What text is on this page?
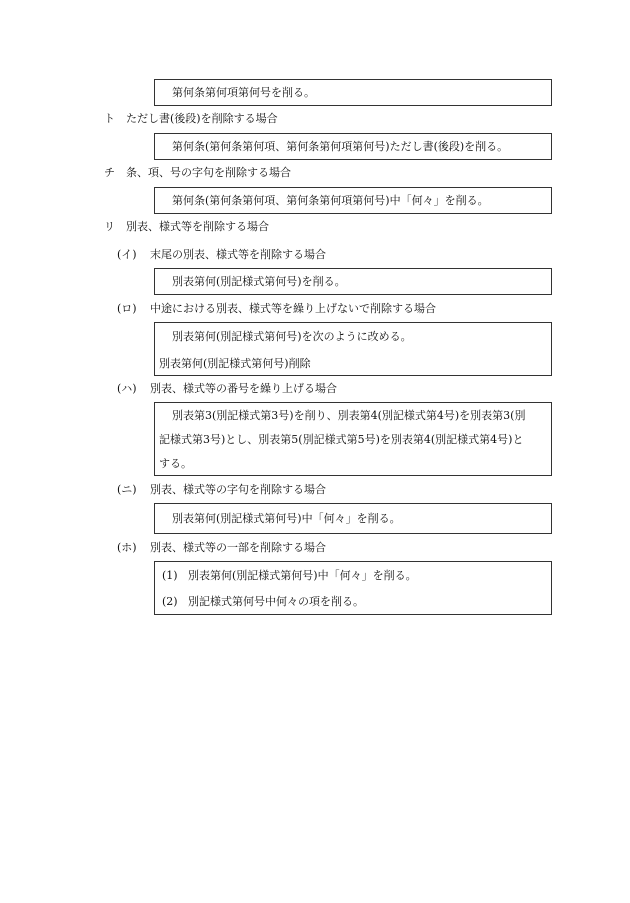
第何条第何項第何号を削る。
ト ただし書(後段)を削除する場合
第何条(第何条第何項、第何条第何項第何号)ただし書(後段)を削る。
チ 条、項、号の字句を削除する場合
第何条(第何条第何項、第何条第何項第何号)中「何々」を削る。
リ 別表、様式等を削除する場合
(イ) 末尾の別表、様式等を削除する場合
別表第何(別記様式第何号)を削る。
(ロ) 中途における別表、様式等を繰り上げないで削除する場合
別表第何(別記様式第何号)を次のように改める。
別表第何(別記様式第何号)削除
(ハ) 別表、様式等の番号を繰り上げる場合
別表第3(別記様式第3号)を削り、別表第4(別記様式第4号)を別表第3(別
記様式第3号)とし、別表第5(別記様式第5号)を別表第4(別記様式第4号)と
する。
(ニ) 別表、様式等の字句を削除する場合
別表第何(別記様式第何号)中「何々」を削る。
(ホ) 別表、様式等の一部を削除する場合
(1) 別表第何(別記様式第何号)中「何々」を削る。
(2) 別記様式第何号中何々の項を削る。
